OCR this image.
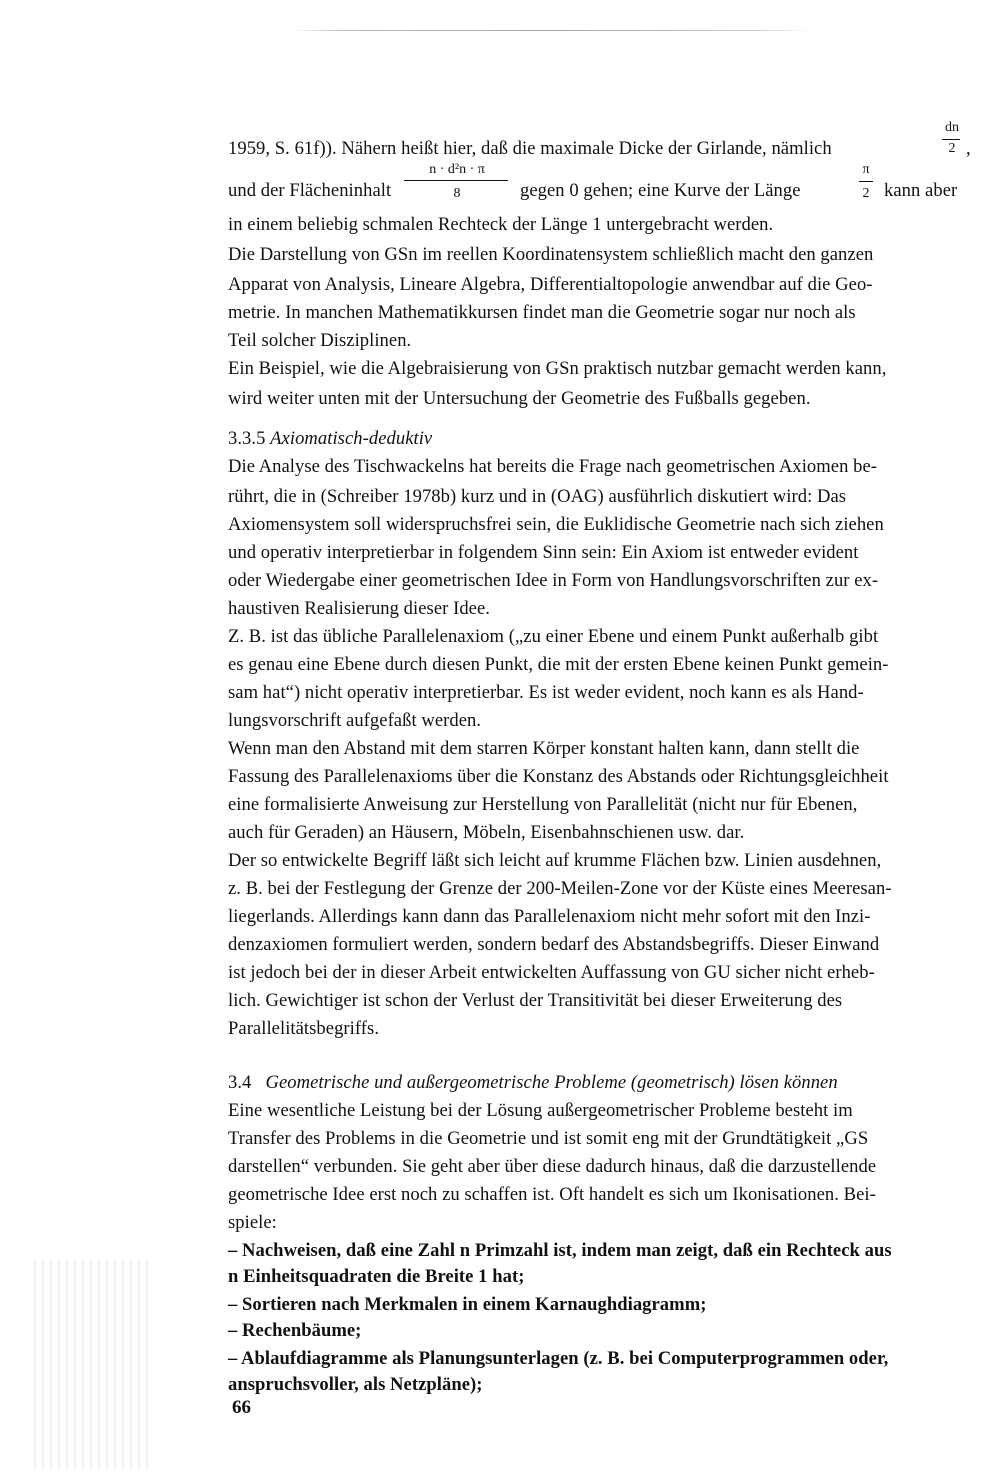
1959, S. 61f)). Nähern heißt hier, daß die maximale Dicke der Girlande, nämlich
dn
2 ,
und der Flächeninhalt
n · d²n · π
8	gegen 0 gehen; eine Kurve der Länge
π
2 kann aber
in einem beliebig schmalen Rechteck der Länge 1 untergebracht werden.
Die Darstellung von GSn im reellen Koordinatensystem schließlich macht den ganzen
Apparat von Analysis, Lineare Algebra, Differentialtopologie anwendbar auf die Geo-
metrie. In manchen Mathematikkursen findet man die Geometrie sogar nur noch als
Teil solcher Disziplinen.
Ein Beispiel, wie die Algebraisierung von GSn praktisch nutzbar gemacht werden kann,
wird weiter unten mit der Untersuchung der Geometrie des Fußballs gegeben.
3.3.5 Axiomatisch-deduktiv
Die Analyse des Tischwackelns hat bereits die Frage nach geometrischen Axiomen be-
rührt, die in (Schreiber 1978b) kurz und in (OAG) ausführlich diskutiert wird: Das
Axiomensystem soll widerspruchsfrei sein, die Euklidische Geometrie nach sich ziehen
und operativ interpretierbar in folgendem Sinn sein: Ein Axiom ist entweder evident
oder Wiedergabe einer geometrischen Idee in Form von Handlungsvorschriften zur ex-
haustiven Realisierung dieser Idee.
Z. B. ist das übliche Parallelenaxiom („zu einer Ebene und einem Punkt außerhalb gibt
es genau eine Ebene durch diesen Punkt, die mit der ersten Ebene keinen Punkt gemein-
sam hat“) nicht operativ interpretierbar. Es ist weder evident, noch kann es als Hand-
lungsvorschrift aufgefaßt werden.
Wenn man den Abstand mit dem starren Körper konstant halten kann, dann stellt die
Fassung des Parallelenaxioms über die Konstanz des Abstands oder Richtungsgleichheit
eine formalisierte Anweisung zur Herstellung von Parallelität (nicht nur für Ebenen,
auch für Geraden) an Häusern, Möbeln, Eisenbahnschienen usw. dar.
Der so entwickelte Begriff läßt sich leicht auf krumme Flächen bzw. Linien ausdehnen,
z. B. bei der Festlegung der Grenze der 200-Meilen-Zone vor der Küste eines Meeresan-
liegerlands. Allerdings kann dann das Parallelenaxiom nicht mehr sofort mit den Inzi-
denzaxiomen formuliert werden, sondern bedarf des Abstandsbegriffs. Dieser Einwand
ist jedoch bei der in dieser Arbeit entwickelten Auffassung von GU sicher nicht erheb-
lich. Gewichtiger ist schon der Verlust der Transitivität bei dieser Erweiterung des
Parallelitätsbegriffs.
3.4 Geometrische und außergeometrische Probleme (geometrisch) lösen können
Eine wesentliche Leistung bei der Lösung außergeometrischer Probleme besteht im
Transfer des Problems in die Geometrie und ist somit eng mit der Grundtätigkeit „GS
darstellen“ verbunden. Sie geht aber über diese dadurch hinaus, daß die darzustellende
geometrische Idee erst noch zu schaffen ist. Oft handelt es sich um Ikonisationen. Bei-
spiele:
– Nachweisen, daß eine Zahl n Primzahl ist, indem man zeigt, daß ein Rechteck aus
n Einheitsquadraten die Breite 1 hat;
– Sortieren nach Merkmalen in einem Karnaughdiagramm;
– Rechenbäume;
– Ablaufdiagramme als Planungsunterlagen (z. B. bei Computerprogrammen oder,
anspruchsvoller, als Netzpläne);
66
